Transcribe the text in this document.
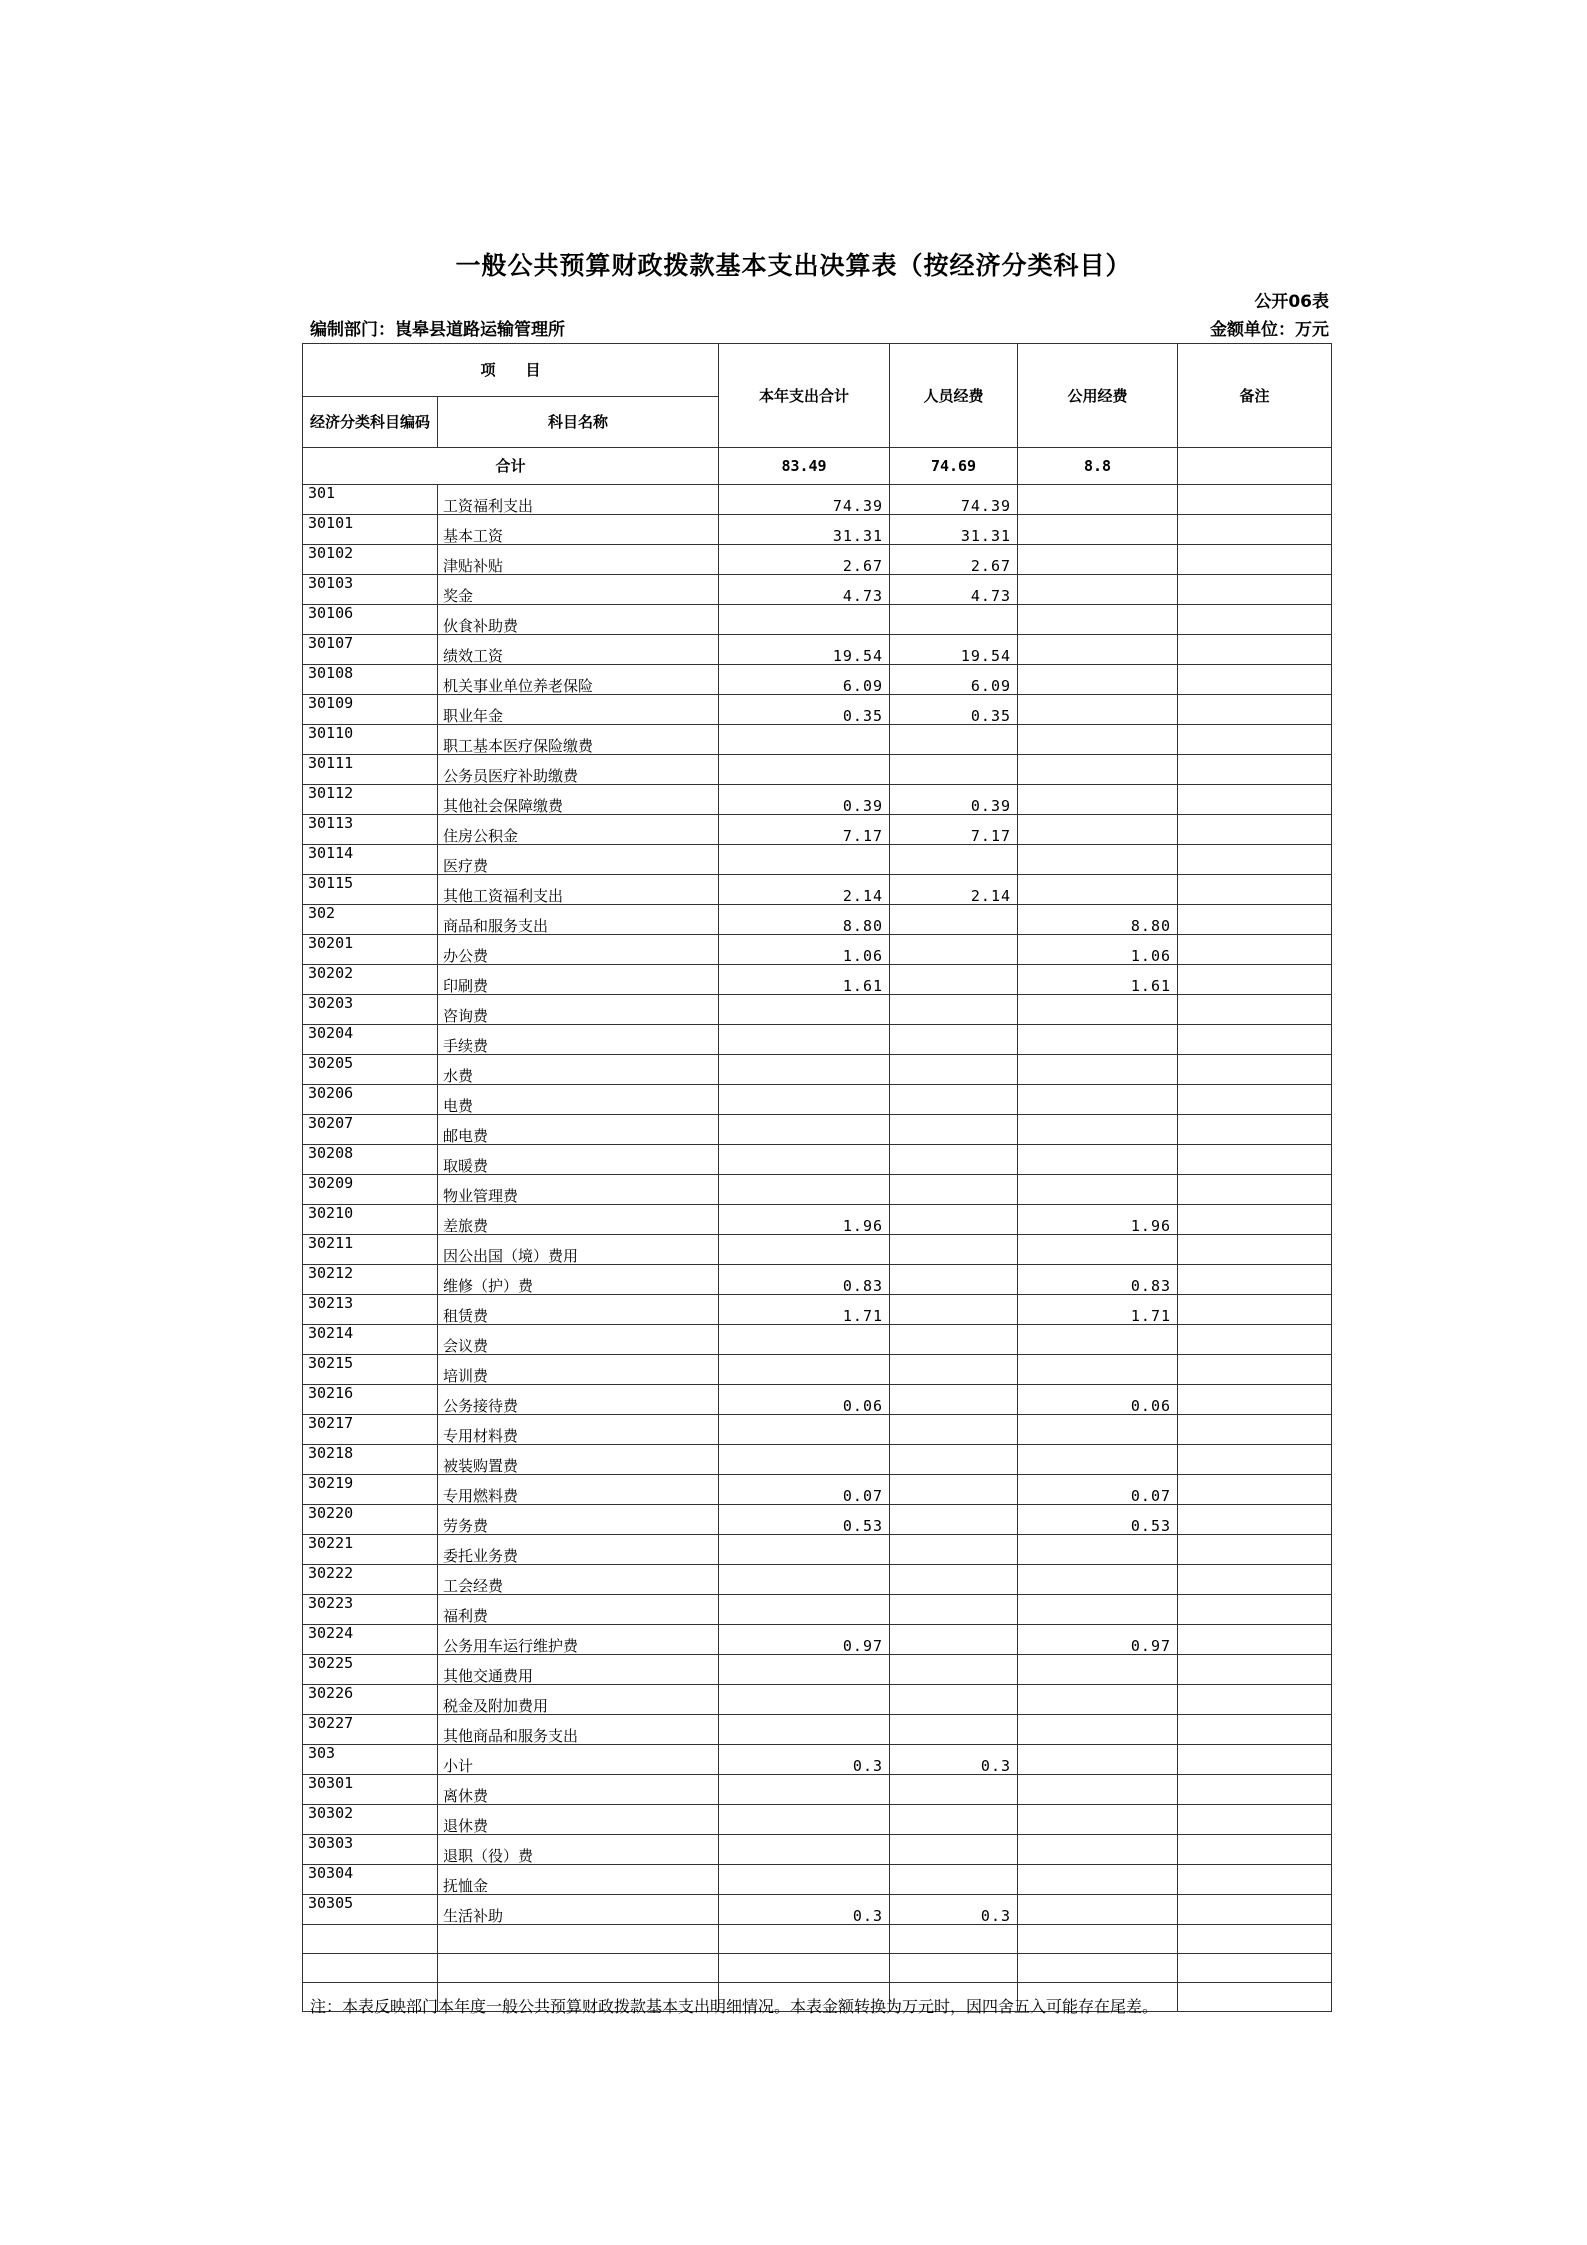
一般公共预算财政拨款基本支出决算表（按经济分类科目）
公开06表
编制部门：崀皋县道路运输管理所	金额单位：万元
项　　目		本年支出合计	人员经费	公用经费	备注
经济分类科目编码	科目名称				
合计		83.49	74.69	8.8	
301	工资福利支出	74.39	74.39		
30101	基本工资	31.31	31.31		
30102	津贴补贴	2.67	2.67		
30103	奖金	4.73	4.73		
30106	伙食补助费				
30107	绩效工资	19.54	19.54		
30108	机关事业单位养老保险	6.09	6.09		
30109	职业年金	0.35	0.35		
30110	职工基本医疗保险缴费				
30111	公务员医疗补助缴费				
30112	其他社会保障缴费	0.39	0.39		
30113	住房公积金	7.17	7.17		
30114	医疗费				
30115	其他工资福利支出	2.14	2.14		
302	商品和服务支出	8.80		8.80	
30201	办公费	1.06		1.06	
30202	印刷费	1.61		1.61	
30203	咨询费				
30204	手续费				
30205	水费				
30206	电费				
30207	邮电费				
30208	取暖费				
30209	物业管理费				
30210	差旅费	1.96		1.96	
30211	因公出国（境）费用				
30212	维修（护）费	0.83		0.83	
30213	租赁费	1.71		1.71	
30214	会议费				
30215	培训费				
30216	公务接待费	0.06		0.06	
30217	专用材料费				
30218	被装购置费				
30219	专用燃料费	0.07		0.07	
30220	劳务费	0.53		0.53	
30221	委托业务费				
30222	工会经费				
30223	福利费				
30224	公务用车运行维护费	0.97		0.97	
30225	其他交通费用				
30226	税金及附加费用				
30227	其他商品和服务支出				
303	小计	0.3	0.3		
30301	离休费				
30302	退休费				
30303	退职（役）费				
30304	抚恤金				
30305	生活补助	0.3	0.3		

注：本表反映部门本年度一般公共预算财政拨款基本支出明细情况。本表金额转换为万元时，因四舍五入可能存在尾差。
